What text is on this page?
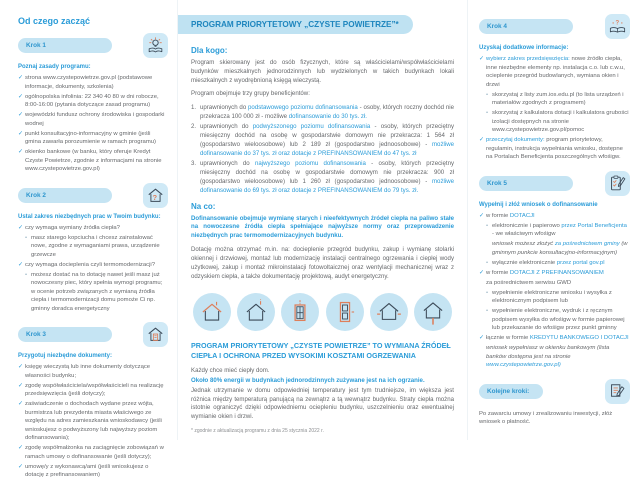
Od czego zacząć
Krok 1
Poznaj zasady programu:
✓ strona www.czystepowietrze.gov.pl (podstawowe informacje, dokumenty, szkolenia)
✓ ogólnopolska infolinia: 22 340 40 80 w dni robocze, 8:00-16:00 (pytania dotyczące zasad programu)
✓ wojewódzki fundusz ochrony środowiska i gospodarki wodnej
✓ punkt konsultacyjno-informacyjny w gminie (jeśli gmina zawarła porozumienie w ramach programu)
✓ okienko bankowe (w banku, który oferuje Kredyt Czyste Powietrze, zgodnie z informacjami na stronie www.czystepowietrze.gov.pl)
Krok 2	?
Ustal zakres niezbędnych prac w Twoim budynku:
✓ czy wymaga wymiany źródła ciepła?
• masz starego kopciucha i chcesz zainstalować nowe, zgodne z wymaganiami prawa, urządzenie grzewcze
✓ czy wymaga docieplenia czyli termomodernizacji?
• możesz dostać na to dotację nawet jeśli masz już nowoczesny piec, który spełnia wymogi programu; w ocenie potrzeb związanych z wymianą źródła ciepła i termomodernizacji domu pomoże Ci np. gminny doradca energetyczny
Krok 3
Przygotuj niezbędne dokumenty:
✓ księgę wieczystą lub inne dokumenty dotyczące własności budynku;
✓ zgodę współwłaściciela/współwłaścicieli na realizację przedsięwzięcia (jeśli dotyczy);
✓ zaświadczenie o dochodach wydane przez wójta, burmistrza lub prezydenta miasta właściwego ze względu na adres zamieszkania wnioskodawcy (jeśli wnioskujesz o podwyższony lub najwyższy poziom dofinansowania);
✓ zgodę współmałżonka na zaciągnięcie zobowiązań w ramach umowy o dofinansowanie (jeśli dotyczy);
✓ umowę/y z wykonawcą/ami (jeśli wnioskujesz o dotację z prefinansowaniem)
PROGRAM PRIORYTETOWY „CZYSTE POWIETRZE”*
Dla kogo:

Program skierowany jest do osób fizycznych, które są właścicielami/współwłaścicielami budynków mieszkalnych jednorodzinnych lub wydzielonych w takich budynkach lokali mieszkalnych z wyodrębnioną księgą wieczystą.

Program obejmuje trzy grupy beneficjentów:

1. uprawnionych do podstawowego poziomu dofinansowania - osoby, których roczny dochód nie przekracza 100 000 zł - możliwe dofinansowanie do 30 tys. zł.
2. uprawnionych do podwyższonego poziomu dofinansowania - osoby, których przeciętny miesięczny dochód na osobę w gospodarstwie domowym nie przekracza: 1 564 zł (gospodarstwo wieloosobowe) lub 2 189 zł (gospodarstwo jednoosobowe) - możliwe dofinansowanie do 37 tys. zł oraz dotacje z PREFINANSOWANIEM do 47 tys. zł
3. uprawnionych do najwyższego poziomu dofinansowania - osoby, których przeciętny miesięczny dochód na osobę w gospodarstwie domowym nie przekracza: 900 zł (gospodarstwo wieloosobowe) lub 1 260 zł (gospodarstwo jednoosobowe) - możliwe dofinansowanie do 69 tys. zł oraz dotacje z PREFINANSOWANIEM do 79 tys. zł.
Na co:

Dofinansowanie obejmuje wymianę starych i nieefektywnych źródeł ciepła na paliwo stałe na nowoczesne źródła ciepła spełniające najwyższe normy oraz przeprowadzenie niezbędnych prac termomodernizacyjnych budynku.

Dotację można otrzymać m.in. na: docieplenie przegród budynku, zakup i wymianę stolarki okiennej i drzwiowej, montaż lub modernizację instalacji centralnego ogrzewania i ciepłej wody użytkowej, zakup i montaż mikroinstalacji fotowoltaicznej oraz wentylacji mechanicznej wraz z odzyskiem ciepła, a także dokumentację projektową, audyt energetyczny.

PROGRAM PRIORYTETOWY „CZYSTE POWIETRZE” TO WYMIANA ŹRÓDEŁ CIEPŁA I OCHRONA PRZED WYSOKIMI KOSZTAMI OGRZEWANIA

Każdy chce mieć ciepły dom.

Około 80% energii w budynkach jednorodzinnych zużywane jest na ich ogrzanie.

Jednak utrzymanie w domu odpowiedniej temperatury jest tym trudniejsze, im większa jest różnica między temperaturą panującą na zewnątrz a tą wewnątrz budynku. Straty ciepła można istotnie ograniczyć dzięki odpowiedniemu ociepleniu budynku, uszczelnieniu oraz ewentualnej wymianie okien i drzwi.

* zgodnie z aktualizacją programu z dnia 25 stycznia 2022 r.
Krok 4	?
Uzyskaj dodatkowe informacje:
✓ wybierz zakres przedsięwzięcia: nowe źródło ciepła, inne niezbędne elementy np. instalacja c.o. lub c.w.u, ocieplenie przegród budowlanych, wymiana okien i drzwi
• skorzystaj z listy zum.ios.edu.pl (to lista urządzeń i materiałów zgodnych z programem)
• skorzystaj z kalkulatora dotacji i kalkulatora grubości izolacji dostępnych na stronie www.czystepowietrze.gov.pl/pomoc
✓ przeczytaj dokumenty: program priorytetowy, regulamin, instrukcja wypełniania wniosku, dostępne na Portalach Beneficjenta poszczególnych wfośigw.
Krok 5
Wypełnij i złóż wniosek o dofinansowanie
✓ w formie DOTACJI
• elektronicznie i papierowo przez Portal Beneficjenta - we właściwym wfośigw
wniosek możesz złożyć za pośrednictwem gminy (w gminnym punkcie konsultacyjno-informacyjnym)
• wyłącznie elektronicznie przez portal gov.pl
✓ w formie DOTACJI Z PREFINANSOWANIEM
za pośrednictwem serwisu GWD
• wypełnienie elektroniczne wniosku i wysyłka z elektronicznym podpisem lub
• wypełnienie elektroniczne, wydruk i z ręcznym podpisem wysyłka do wfośigw w formie papierowej lub przekazanie do wfośigw przez punkt gminny
✓ łącznie w formie KREDYTU BANKOWEGO I DOTACJI
wniosek wypełniasz w okienku bankowym (lista banków dostępna jest na stronie www.czystepowietrze.gov.pl)
Kolejne kroki:

Po zawarciu umowy i zrealizowaniu inwestycji, złóż wniosek o płatność.
